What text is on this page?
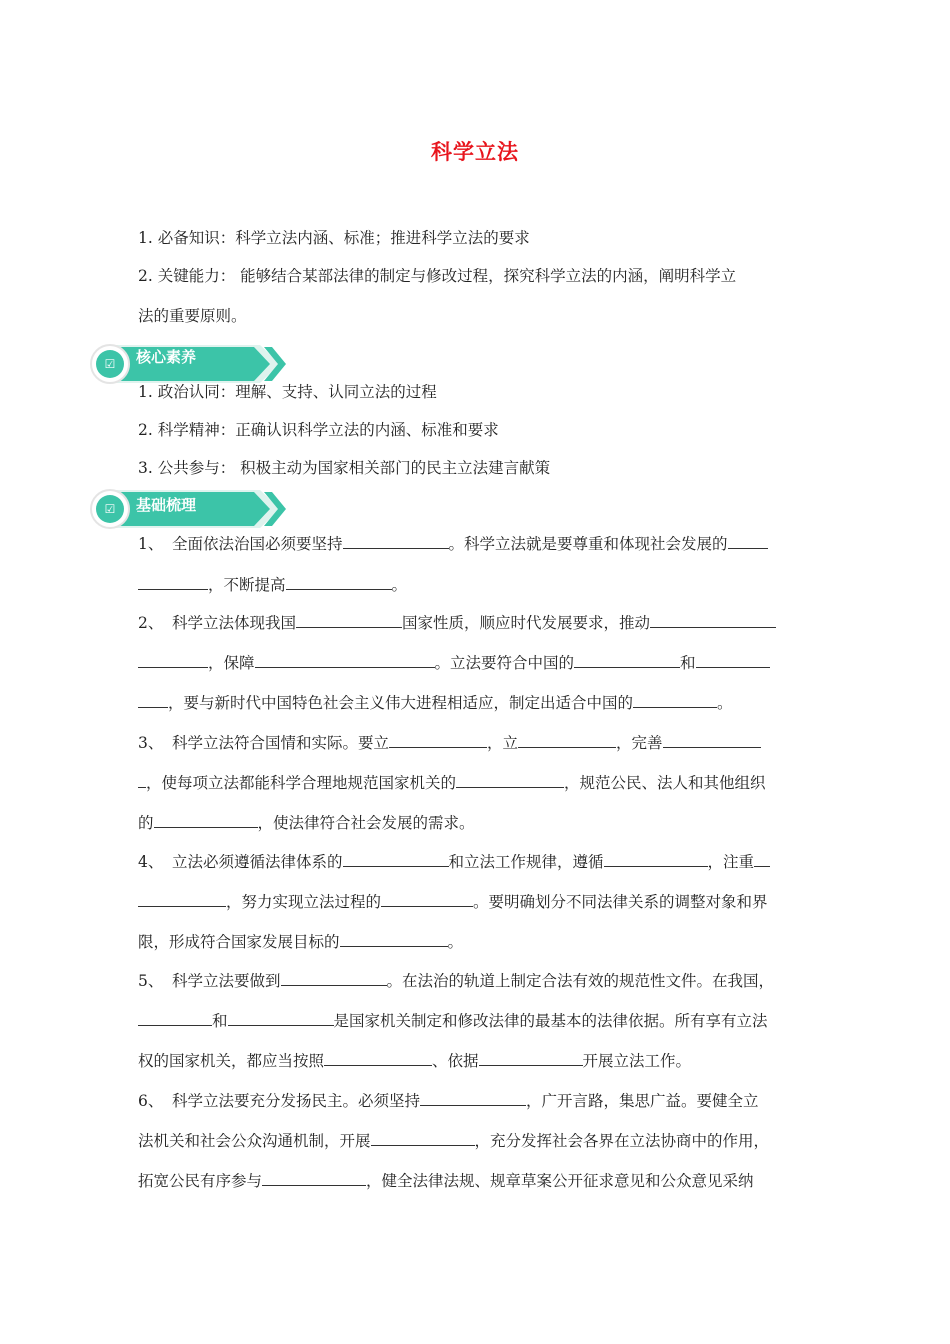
科学立法
1. 必备知识：科学立法内涵、标准；推进科学立法的要求
2. 关键能力： 能够结合某部法律的制定与修改过程，探究科学立法的内涵，阐明科学立
法的重要原则。
☑ 核心素养
1. 政治认同：理解、支持、认同立法的过程
2. 科学精神：正确认识科学立法的内涵、标准和要求
3. 公共参与： 积极主动为国家相关部门的民主立法建言献策
☑ 基础梳理
1、 全面依法治国必须要坚持	。科学立法就是要尊重和体现社会发展的
，不断提高	。
2、 科学立法体现我国	国家性质，顺应时代发展要求，推动
，保障	。立法要符合中国的	和
，要与新时代中国特色社会主义伟大进程相适应，制定出适合中国的	。
3、 科学立法符合国情和实际。要立	，立	，完善
，使每项立法都能科学合理地规范国家机关的	，规范公民、法人和其他组织
的	，使法律符合社会发展的需求。
4、 立法必须遵循法律体系的	和立法工作规律，遵循	，注重
，努力实现立法过程的	。要明确划分不同法律关系的调整对象和界
限，形成符合国家发展目标的	。
5、 科学立法要做到	。在法治的轨道上制定合法有效的规范性文件。在我国，
和	是国家机关制定和修改法律的最基本的法律依据。所有享有立法
权的国家机关，都应当按照	、依据	开展立法工作。
6、 科学立法要充分发扬民主。必须坚持	，广开言路，集思广益。要健全立
法机关和社会公众沟通机制，开展	，充分发挥社会各界在立法协商中的作用，
拓宽公民有序参与	，健全法律法规、规章草案公开征求意见和公众意见采纳
